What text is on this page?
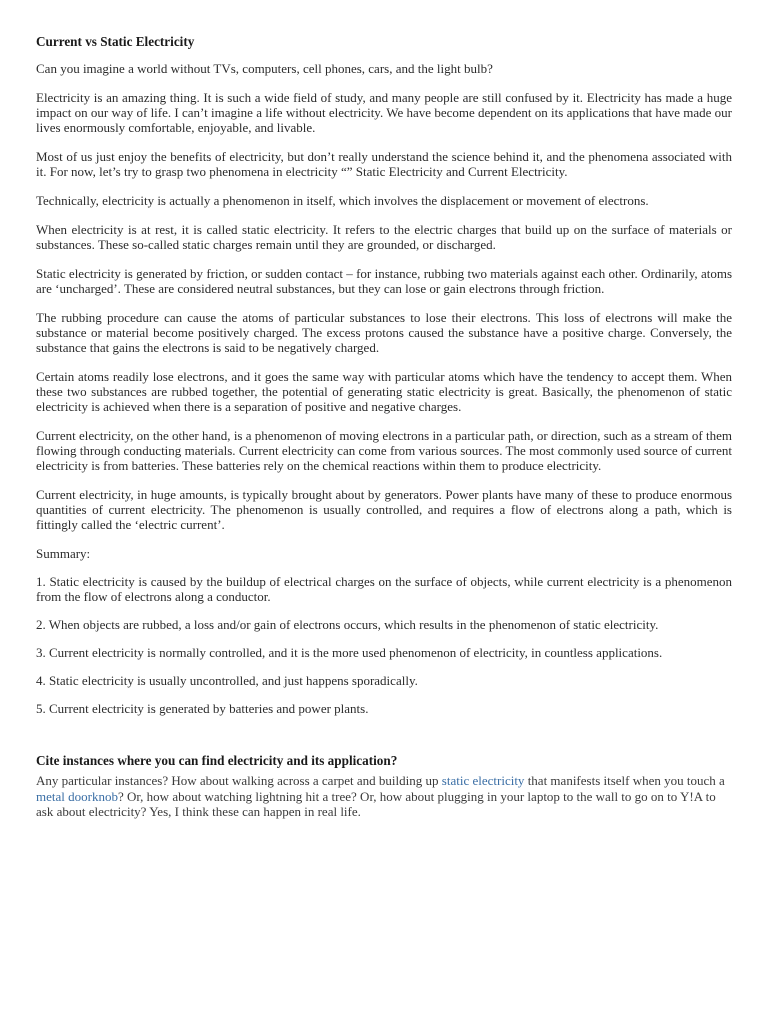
Current vs Static Electricity

Can you imagine a world without TVs, computers, cell phones, cars, and the light bulb?

Electricity is an amazing thing. It is such a wide field of study, and many people are still confused by it. Electricity has made a huge impact on our way of life. I can’t imagine a life without electricity. We have become dependent on its applications that have made our lives enormously comfortable, enjoyable, and livable.

Most of us just enjoy the benefits of electricity, but don’t really understand the science behind it, and the phenomena associated with it. For now, let’s try to grasp two phenomena in electricity “” Static Electricity and Current Electricity.

Technically, electricity is actually a phenomenon in itself, which involves the displacement or movement of electrons.

When electricity is at rest, it is called static electricity. It refers to the electric charges that build up on the surface of materials or substances. These so-called static charges remain until they are grounded, or discharged.

Static electricity is generated by friction, or sudden contact – for instance, rubbing two materials against each other. Ordinarily, atoms are ‘uncharged’. These are considered neutral substances, but they can lose or gain electrons through friction.

The rubbing procedure can cause the atoms of particular substances to lose their electrons. This loss of electrons will make the substance or material become positively charged. The excess protons caused the substance have a positive charge. Conversely, the substance that gains the electrons is said to be negatively charged.

Certain atoms readily lose electrons, and it goes the same way with particular atoms which have the tendency to accept them. When these two substances are rubbed together, the potential of generating static electricity is great. Basically, the phenomenon of static electricity is achieved when there is a separation of positive and negative charges.

Current electricity, on the other hand, is a phenomenon of moving electrons in a particular path, or direction, such as a stream of them flowing through conducting materials. Current electricity can come from various sources. The most commonly used source of current electricity is from batteries. These batteries rely on the chemical reactions within them to produce electricity.

Current electricity, in huge amounts, is typically brought about by generators. Power plants have many of these to produce enormous quantities of current electricity. The phenomenon is usually controlled, and requires a flow of electrons along a path, which is fittingly called the ‘electric current’.

Summary:

1. Static electricity is caused by the buildup of electrical charges on the surface of objects, while current electricity is a phenomenon from the flow of electrons along a conductor.

2. When objects are rubbed, a loss and/or gain of electrons occurs, which results in the phenomenon of static electricity.

3. Current electricity is normally controlled, and it is the more used phenomenon of electricity, in countless applications.

4. Static electricity is usually uncontrolled, and just happens sporadically.

5. Current electricity is generated by batteries and power plants.

Cite instances where you can find electricity and its application?

Any particular instances? How about walking across a carpet and building up static electricity that manifests itself when you touch a metal doorknob? Or, how about watching lightning hit a tree? Or, how about plugging in your laptop to the wall to go on to Y!A to ask about electricity? Yes, I think these can happen in real life.
